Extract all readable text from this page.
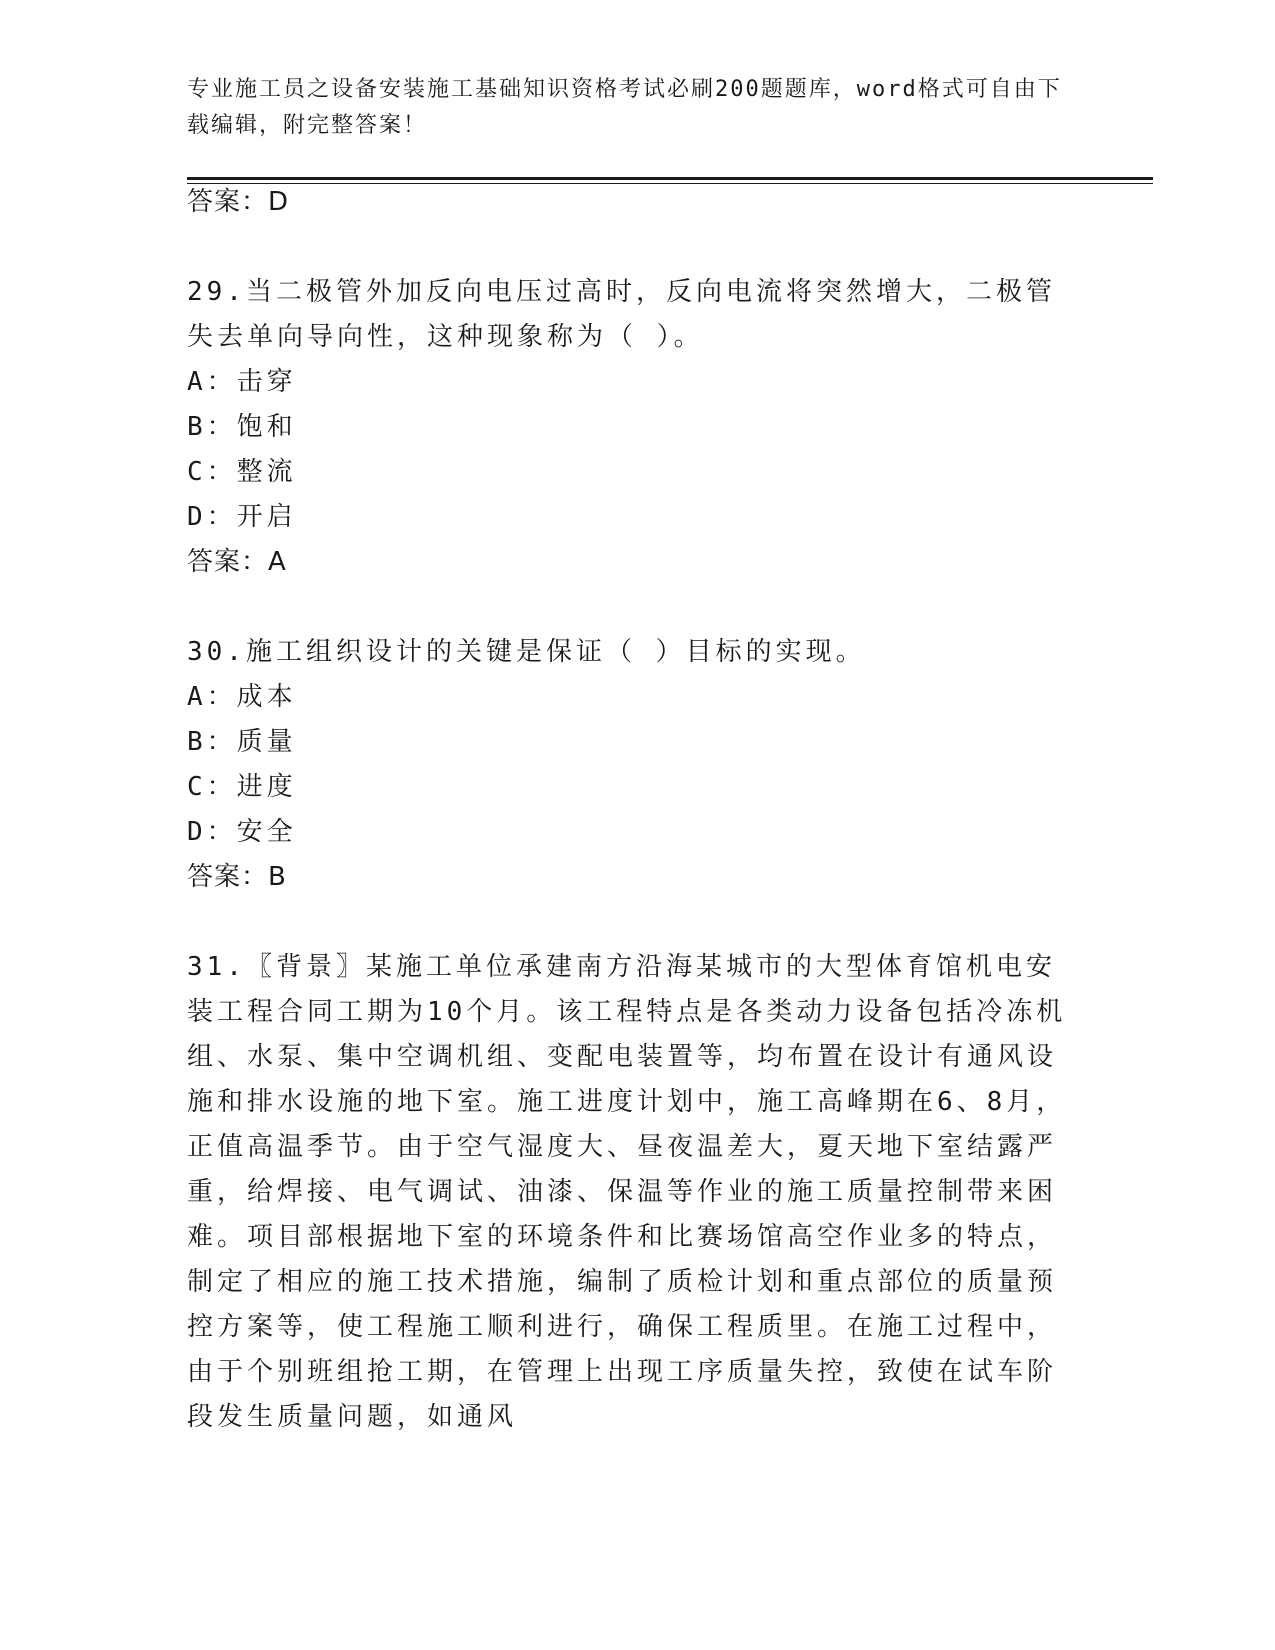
专业施工员之设备安装施工基础知识资格考试必刷200题题库，word格式可自由下载编辑，附完整答案！
答案：D
29.当二极管外加反向电压过高时，反向电流将突然增大，二极管失去单向导向性，这种现象称为（ ）。
A：击穿
B：饱和
C：整流
D：开启
答案：A
30.施工组织设计的关键是保证（ ）目标的实现。
A：成本
B：质量
C：进度
D：安全
答案：B
31.〖背景〗某施工单位承建南方沿海某城市的大型体育馆机电安装工程合同工期为10个月。该工程特点是各类动力设备包括冷冻机组、水泵、集中空调机组、变配电装置等，均布置在设计有通风设施和排水设施的地下室。施工进度计划中，施工高峰期在6、8月，正值高温季节。由于空气湿度大、昼夜温差大，夏天地下室结露严重，给焊接、电气调试、油漆、保温等作业的施工质量控制带来困难。项目部根据地下室的环境条件和比赛场馆高空作业多的特点，制定了相应的施工技术措施，编制了质检计划和重点部位的质量预控方案等，使工程施工顺利进行，确保工程质里。在施工过程中，由于个别班组抢工期，在管理上出现工序质量失控，致使在试车阶段发生质量问题，如通风
